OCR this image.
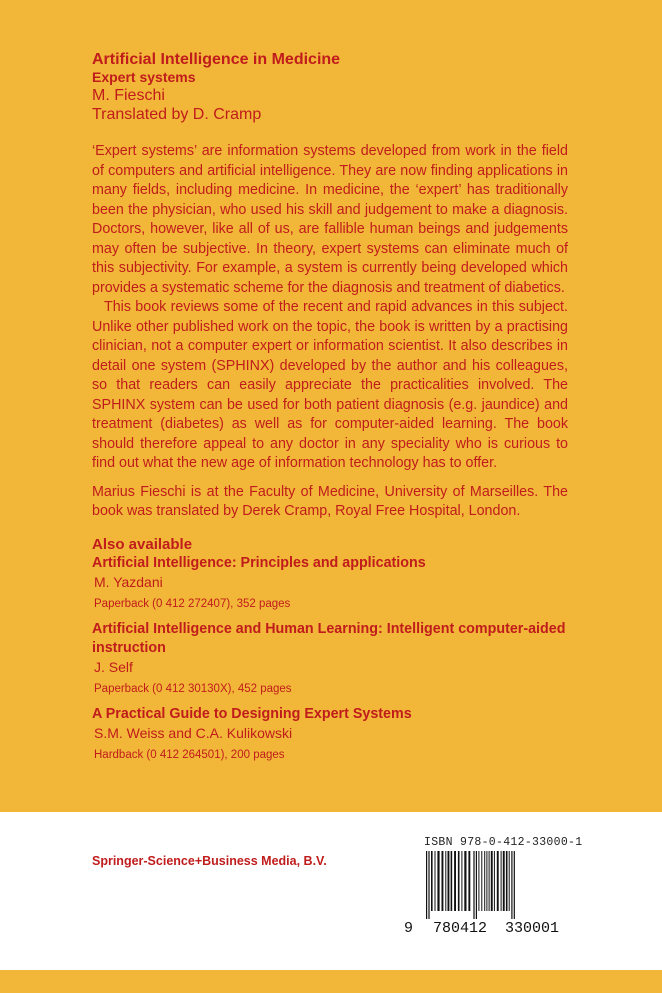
Artificial Intelligence in Medicine
Expert systems
M. Fieschi
Translated by D. Cramp

‘Expert systems’ are information systems developed from work in the field of computers and artificial intelligence. They are now finding applications in many fields, including medicine. In medicine, the ‘expert’ has traditionally been the physician, who used his skill and judgement to make a diagnosis. Doctors, however, like all of us, are fallible human beings and judgements may often be subjective. In theory, expert systems can eliminate much of this subjectivity. For example, a system is currently being developed which provides a systematic scheme for the diagnosis and treatment of diabetics.

This book reviews some of the recent and rapid advances in this subject. Unlike other published work on the topic, the book is written by a practising clinician, not a computer expert or information scientist. It also describes in detail one system (SPHINX) developed by the author and his colleagues, so that readers can easily appreciate the practicalities involved. The SPHINX system can be used for both patient diagnosis (e.g. jaundice) and treatment (diabetes) as well as for computer-aided learning. The book should therefore appeal to any doctor in any speciality who is curious to find out what the new age of information technology has to offer.

Marius Fieschi is at the Faculty of Medicine, University of Marseilles. The book was translated by Derek Cramp, Royal Free Hospital, London.

Also available
Artificial Intelligence: Principles and applications
M. Yazdani
Paperback (0 412 272407), 352 pages
Artificial Intelligence and Human Learning: Intelligent computer-aided instruction
J. Self
Paperback (0 412 30130X), 452 pages
A Practical Guide to Designing Expert Systems
S.M. Weiss and C.A. Kulikowski
Hardback (0 412 264501), 200 pages
Springer-Science+Business Media, B.V.
ISBN 978-0-412-33000-1
9 780412 330001
